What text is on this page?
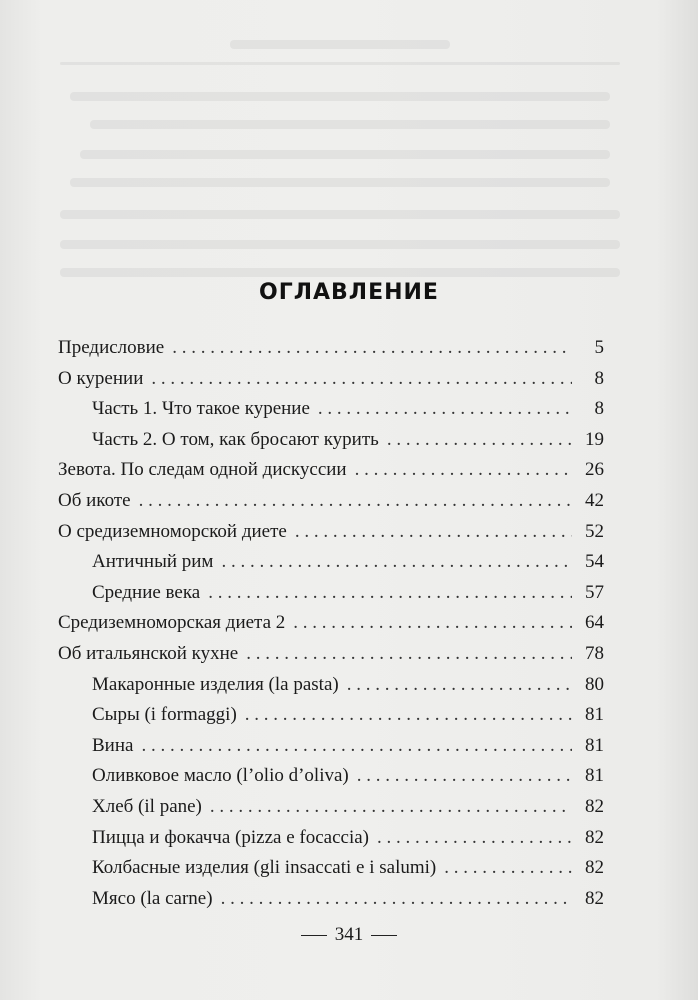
ОГЛАВЛЕНИЕ
Предисловие . . .	5
О курении . . .	8
Часть 1. Что такое курение . . .	8
Часть 2. О том, как бросают курить . . .	19
Зевота. По следам одной дискуссии . . .	26
Об икоте . . .	42
О средиземноморской диете . . .	52
Античный рим . . .	54
Средние века . . .	57
Средиземноморская диета 2 . . .	64
Об итальянской кухне . . .	78
Макаронные изделия (la pasta) . . .	80
Сыры (i formaggi) . . .	81
Вина . . .	81
Оливковое масло (l’olio d’oliva) . . .	81
Хлеб (il pane) . . .	82
Пицца и фокачча (pizza e focaccia) . . .	82
Колбасные изделия (gli insaccati e i salumi) . . .	82
Мясо (la carne) . . .	82
341
